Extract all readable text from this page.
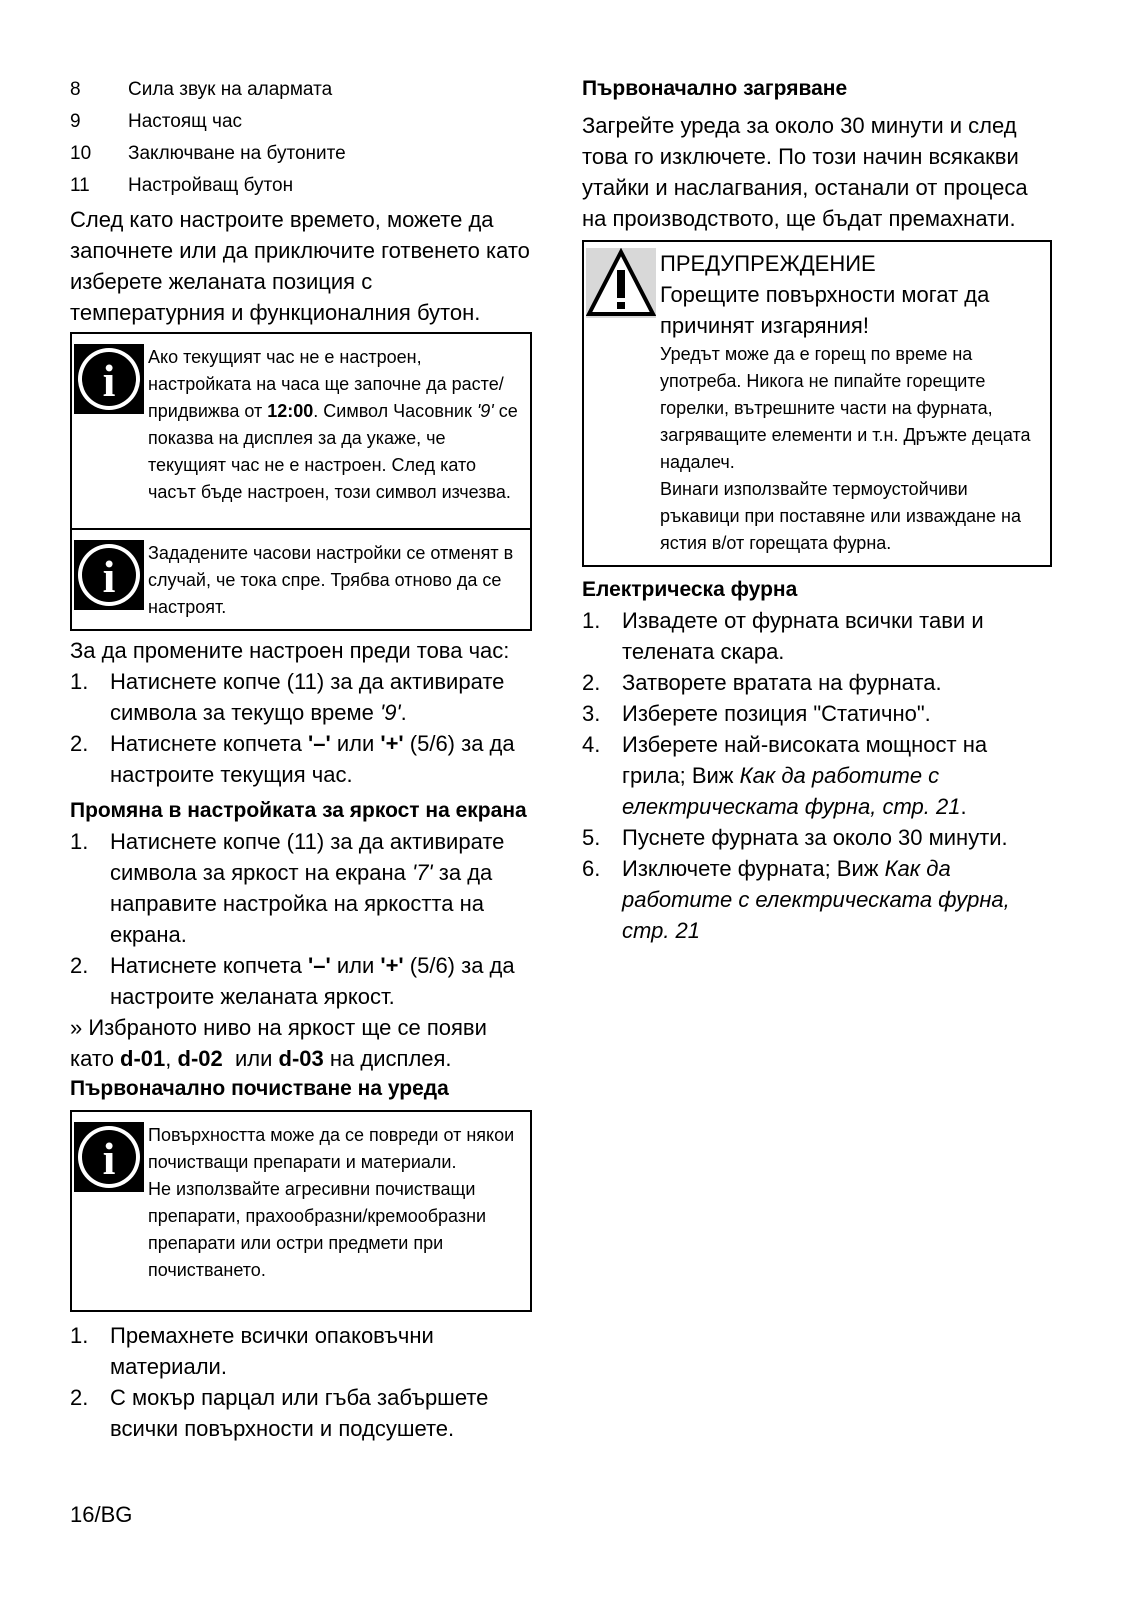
8	Сила звук на алармата
9	Настоящ час
10	Заключване на бутоните
11	Настройващ бутон

След като настроите времето, можете да започнете или да приключите готвенето като изберете желаната позиция с температурния и функционалния бутон.

i Ако текущият час не е настроен, настройката на часа ще започне да расте/придвижва от 12:00. Символ Часовник '9' се показва на дисплея за да укаже, че текущият час не е настроен. След като часът бъде настроен, този символ изчезва.

i Зададените часови настройки се отменят в случай, че тока спре. Трябва отново да се настроят.

За да промените настроен преди това час:

1. Натиснете копче (11) за да активирате символа за текущо време '9'.
2. Натиснете копчета '–' или '+' (5/6) за да настроите текущия час.
Промяна в настройката за яркост на екрана
1. Натиснете копче (11) за да активирате символа за яркост на екрана '7' за да направите настройка на яркостта на екрана.
2. Натиснете копчета '–' или '+' (5/6) за да настроите желаната яркост.

» Избраното ниво на яркост ще се появи като d-01, d-02  или d-03 на дисплея.

Първоначално почистване на уреда
i Повърхността може да се повреди от някои почистващи препарати и материали.

Не използвайте агресивни почистващи препарати, прахообразни/кремообразни препарати или остри предмети при почистването.

1. Премахнете всички опаковъчни материали.
2. С мокър парцал или гъба забършете всички повърхности и подсушете.
Първоначално загряване

Загрейте уреда за около 30 минути и след това го изключете. По този начин всякакви утайки и наслагвания, останали от процеса на производството, ще бъдат премахнати.

ПРЕДУПРЕЖДЕНИЕ
Горещите повърхности могат да причинят изгаряния!

Уредът може да е горещ по време на употреба. Никога не пипайте горещите горелки, вътрешните части на фурната, загряващите елементи и т.н. Дръжте децата надалеч.

Винаги използвайте термоустойчиви ръкавици при поставяне или изваждане на ястия в/от горещата фурна.

Електрическа фурна
1. Извадете от фурната всички тави и телената скара.
2. Затворете вратата на фурната.
3. Изберете позиция "Статично".
4. Изберете най-високата мощност на грила; Виж Как да работите с електрическата фурна, стр. 21.
5. Пуснете фурната за около 30 минути.
6. Изключете фурната; Виж Как да работите с електрическата фурна, стр. 21
16/BG
